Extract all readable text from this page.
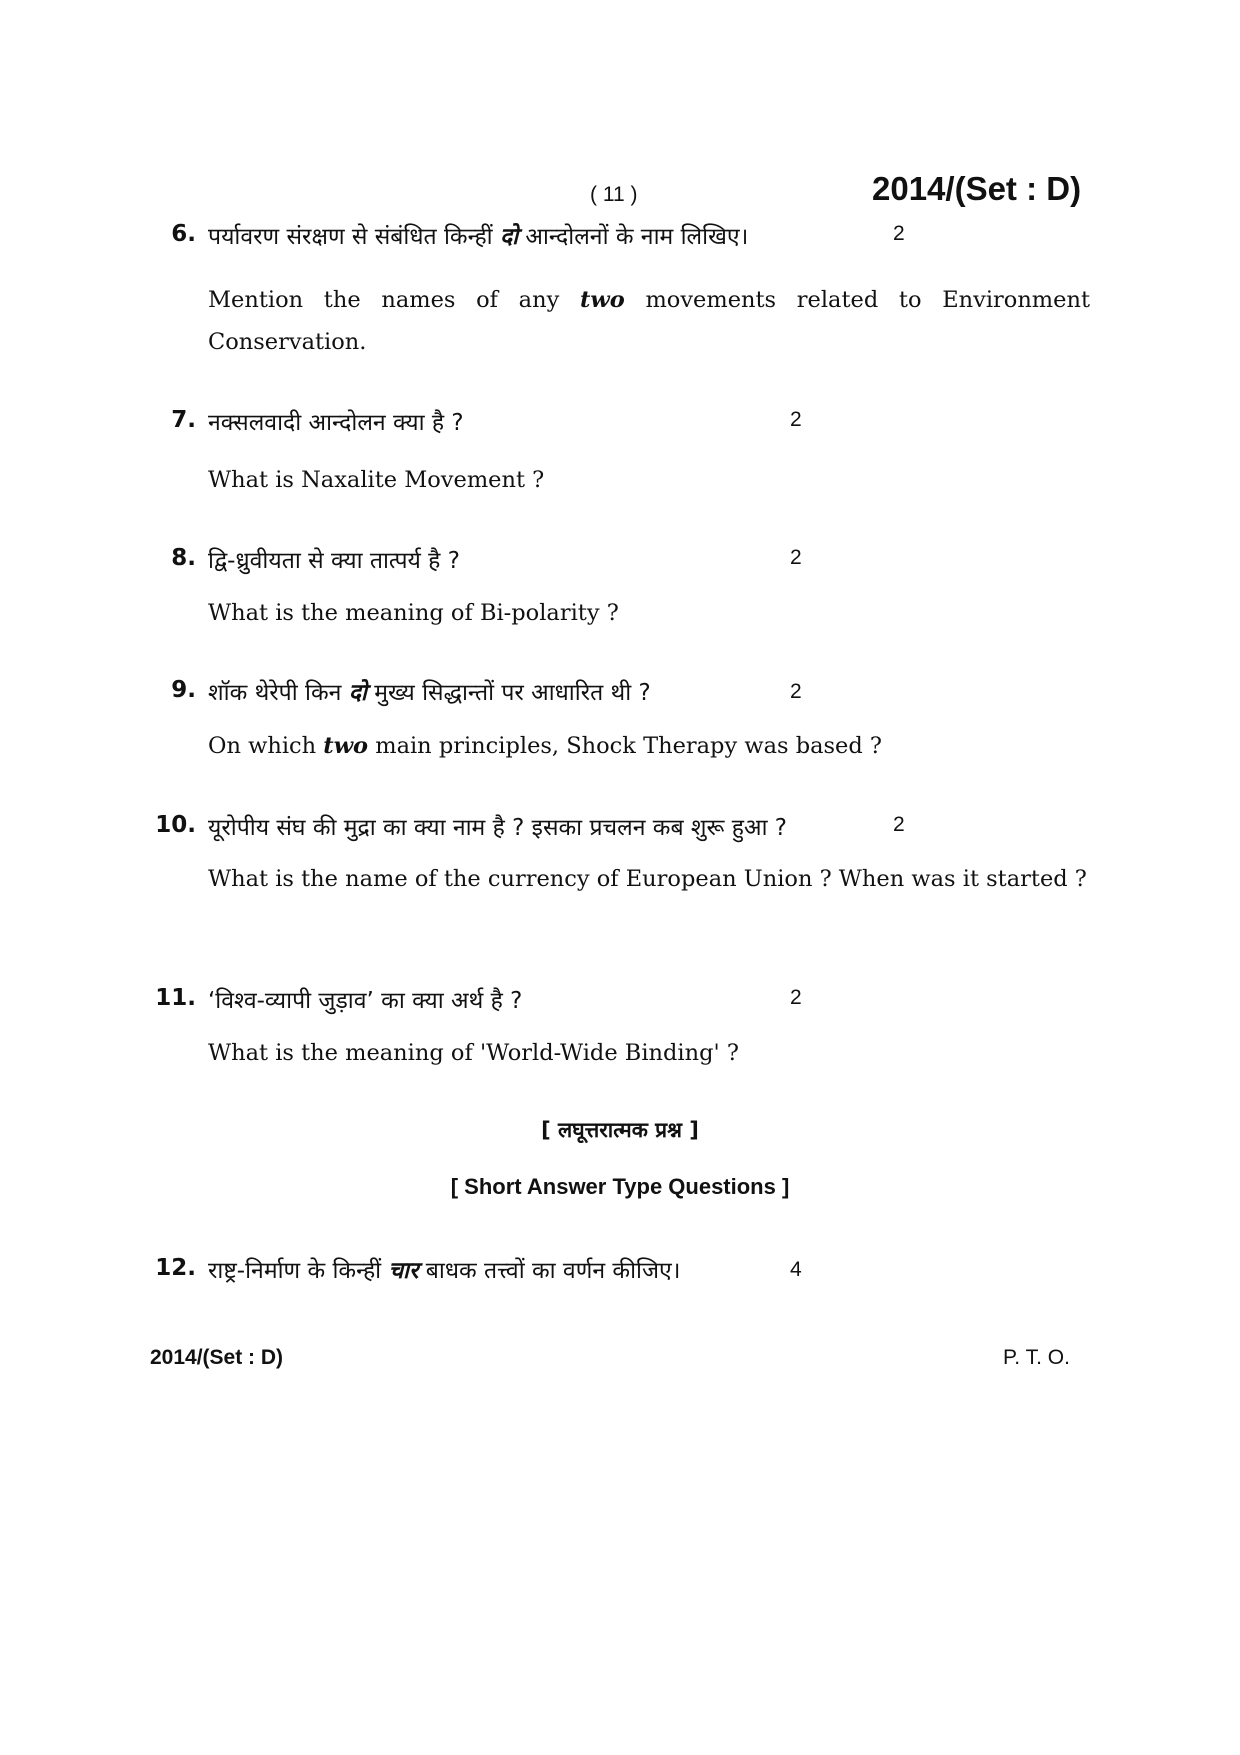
( 11 )	2014/(Set : D)
6. पर्यावरण संरक्षण से संबंधित किन्हीं दो आन्दोलनों के नाम लिखिए।	2
Mention the names of any two movements related to Environment Conservation.
7. नक्सलवादी आन्दोलन क्या है ?	2
What is Naxalite Movement ?
8. द्वि-ध्रुवीयता से क्या तात्पर्य है ?	2
What is the meaning of Bi-polarity ?
9. शॉक थेरेपी किन दो मुख्य सिद्धान्तों पर आधारित थी ?	2
On which two main principles, Shock Therapy was based ?
10. यूरोपीय संघ की मुद्रा का क्या नाम है ? इसका प्रचलन कब शुरू हुआ ?	2
What is the name of the currency of European Union ? When was it started ?
11. ‘विश्व-व्यापी जुड़ाव’ का क्या अर्थ है ?	2
What is the meaning of 'World-Wide Binding' ?
[ लघूत्तरात्मक प्रश्न ]
[ Short Answer Type Questions ]
12. राष्ट्र-निर्माण के किन्हीं चार बाधक तत्त्वों का वर्णन कीजिए।	4
2014/(Set : D)	P. T. O.
